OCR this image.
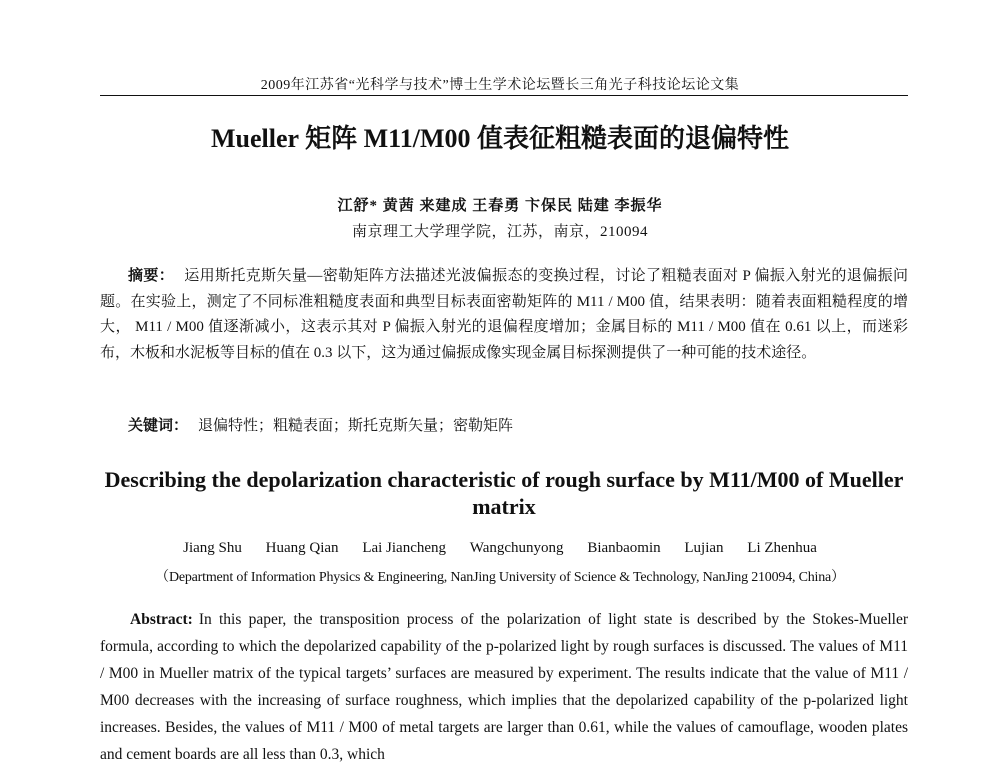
2009年江苏省“光科学与技术”博士生学术论坛暨长三角光子科技论坛论文集
Mueller 矩阵 M11/M00 值表征粗糙表面的退偏特性
江舒* 黄茜 来建成 王春勇 卞保民 陆建 李振华
南京理工大学理学院，江苏，南京，210094
摘要： 运用斯托克斯矢量—密勒矩阵方法描述光波偏振态的变换过程，讨论了粗糙表面对 P 偏振入射光的退偏振问题。在实验上，测定了不同标准粗糙度表面和典型目标表面密勒矩阵的 M11 / M00 值，结果表明：随着表面粗糙程度的增大， M11 / M00 值逐渐减小，这表示其对 P 偏振入射光的退偏程度增加；金属目标的 M11 / M00 值在 0.61 以上，而迷彩布，木板和水泥板等目标的值在 0.3 以下，这为通过偏振成像实现金属目标探测提供了一种可能的技术途径。
关键词： 退偏特性；粗糙表面；斯托克斯矢量；密勒矩阵
Describing the depolarization characteristic of rough surface by M11/M00 of Mueller matrix
Jiang Shu Huang Qian Lai Jiancheng Wangchunyong Bianbaomin Lujian Li Zhenhua
（Department of Information Physics & Engineering, NanJing University of Science & Technology, NanJing 210094, China）
Abstract: In this paper, the transposition process of the polarization of light state is described by the Stokes-Mueller formula, according to which the depolarized capability of the p-polarized light by rough surfaces is discussed. The values of M11 / M00 in Mueller matrix of the typical targets’ surfaces are measured by experiment. The results indicate that the value of M11 / M00 decreases with the increasing of surface roughness, which implies that the depolarized capability of the p-polarized light increases. Besides, the values of M11 / M00 of metal targets are larger than 0.61, while the values of camouflage, wooden plates and cement boards are all less than 0.3, which
